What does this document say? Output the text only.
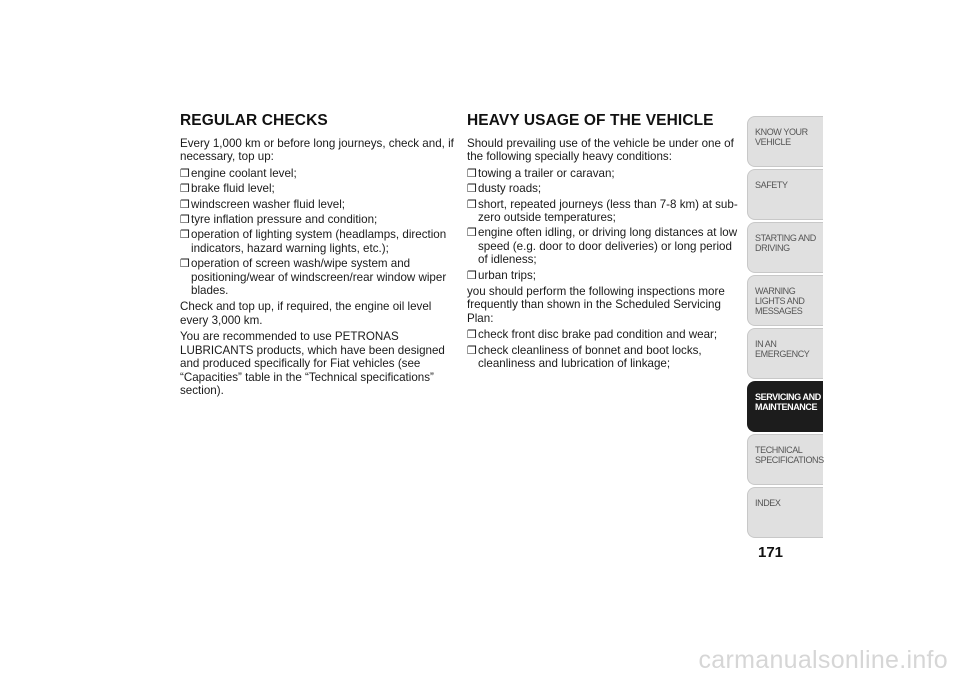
REGULAR CHECKS

Every 1,000 km or before long journeys, check and, if necessary, top up:

❒ engine coolant level;
❒ brake fluid level;
❒ windscreen washer fluid level;
❒ tyre inflation pressure and condition;
❒ operation of lighting system (headlamps, direction indicators, hazard warning lights, etc.);
❒ operation of screen wash/wipe system and positioning/wear of windscreen/rear window wiper blades.

Check and top up, if required, the engine oil level every 3,000 km.

You are recommended to use PETRONAS LUBRICANTS products, which have been designed and produced specifically for Fiat vehicles (see “Capacities” table in the “Technical specifications” section).

HEAVY USAGE OF THE VEHICLE

Should prevailing use of the vehicle be under one of the following specially heavy conditions:

❒ towing a trailer or caravan;
❒ dusty roads;
❒ short, repeated journeys (less than 7-8 km) at sub-zero outside temperatures;
❒ engine often idling, or driving long distances at low speed (e.g. door to door deliveries) or long period of idleness;
❒ urban trips;

you should perform the following inspections more frequently than shown in the Scheduled Servicing Plan:

❒ check front disc brake pad condition and wear;
❒ check cleanliness of bonnet and boot locks, cleanliness and lubrication of linkage;
KNOW YOUR VEHICLE
SAFETY
STARTING AND DRIVING
WARNING LIGHTS AND MESSAGES
IN AN EMERGENCY
SERVICING AND MAINTENANCE
TECHNICAL SPECIFICATIONS
INDEX
171
carmanualsonline.info
